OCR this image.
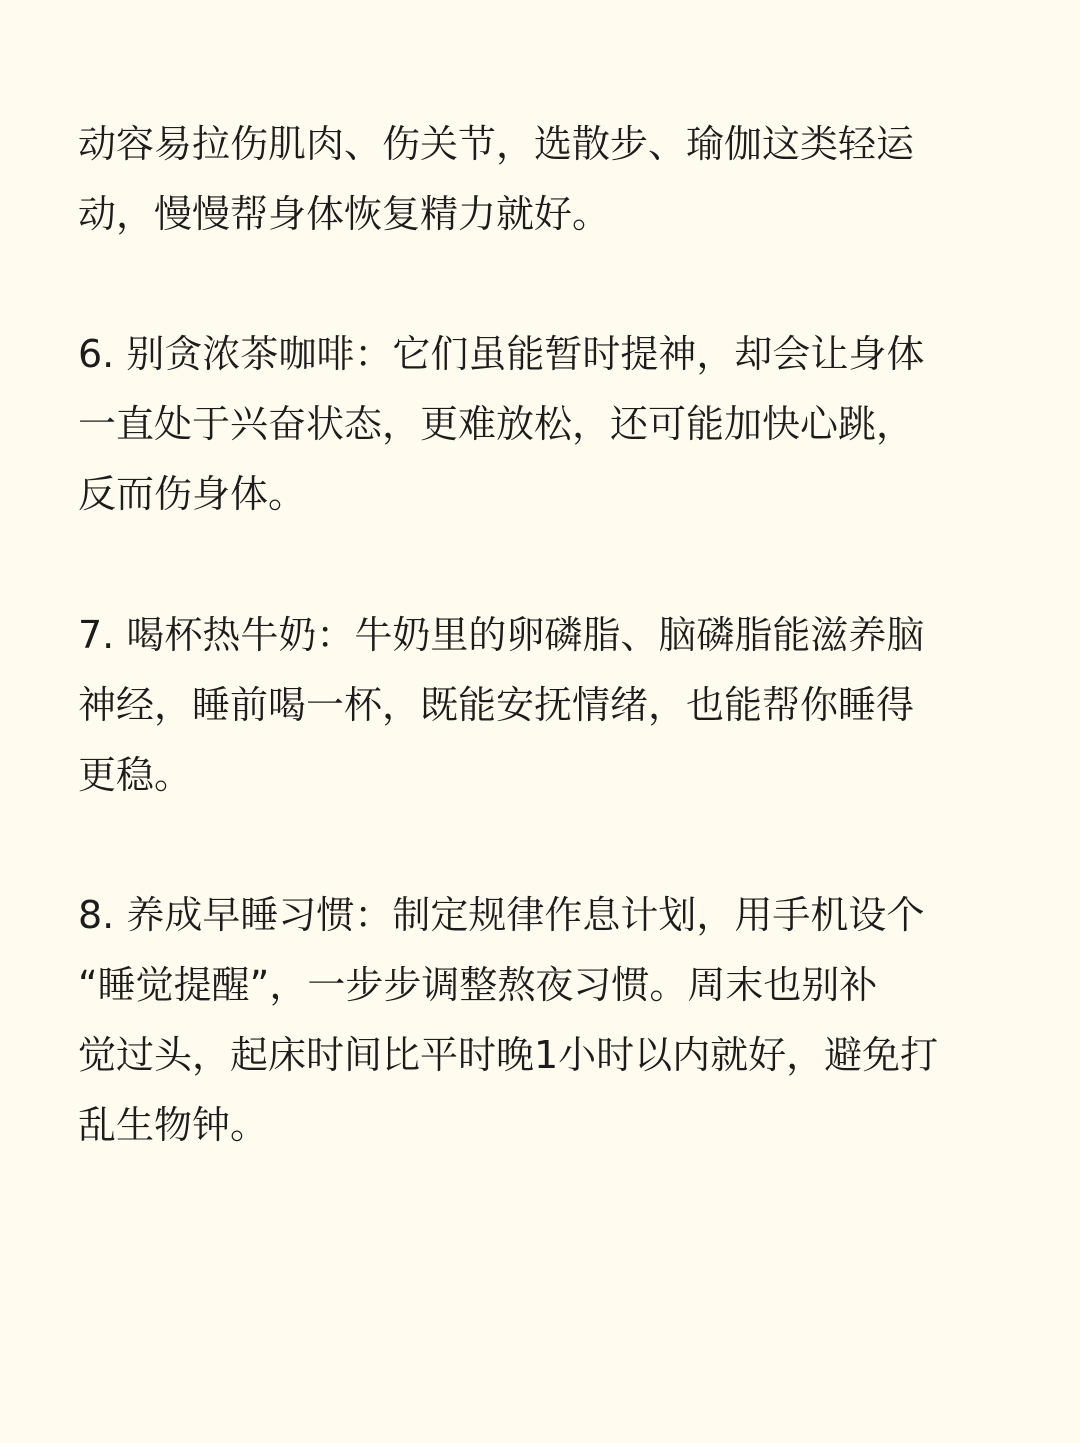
动容易拉伤肌肉、伤关节，选散步、瑜伽这类轻运
动，慢慢帮身体恢复精力就好。
6. 别贪浓茶咖啡：它们虽能暂时提神，却会让身体
一直处于兴奋状态，更难放松，还可能加快心跳，
反而伤身体。
7. 喝杯热牛奶：牛奶里的卵磷脂、脑磷脂能滋养脑
神经，睡前喝一杯，既能安抚情绪，也能帮你睡得
更稳。
8. 养成早睡习惯：制定规律作息计划，用手机设个
“睡觉提醒”，一步步调整熬夜习惯。周末也别补
觉过头，起床时间比平时晚1小时以内就好，避免打
乱生物钟。
